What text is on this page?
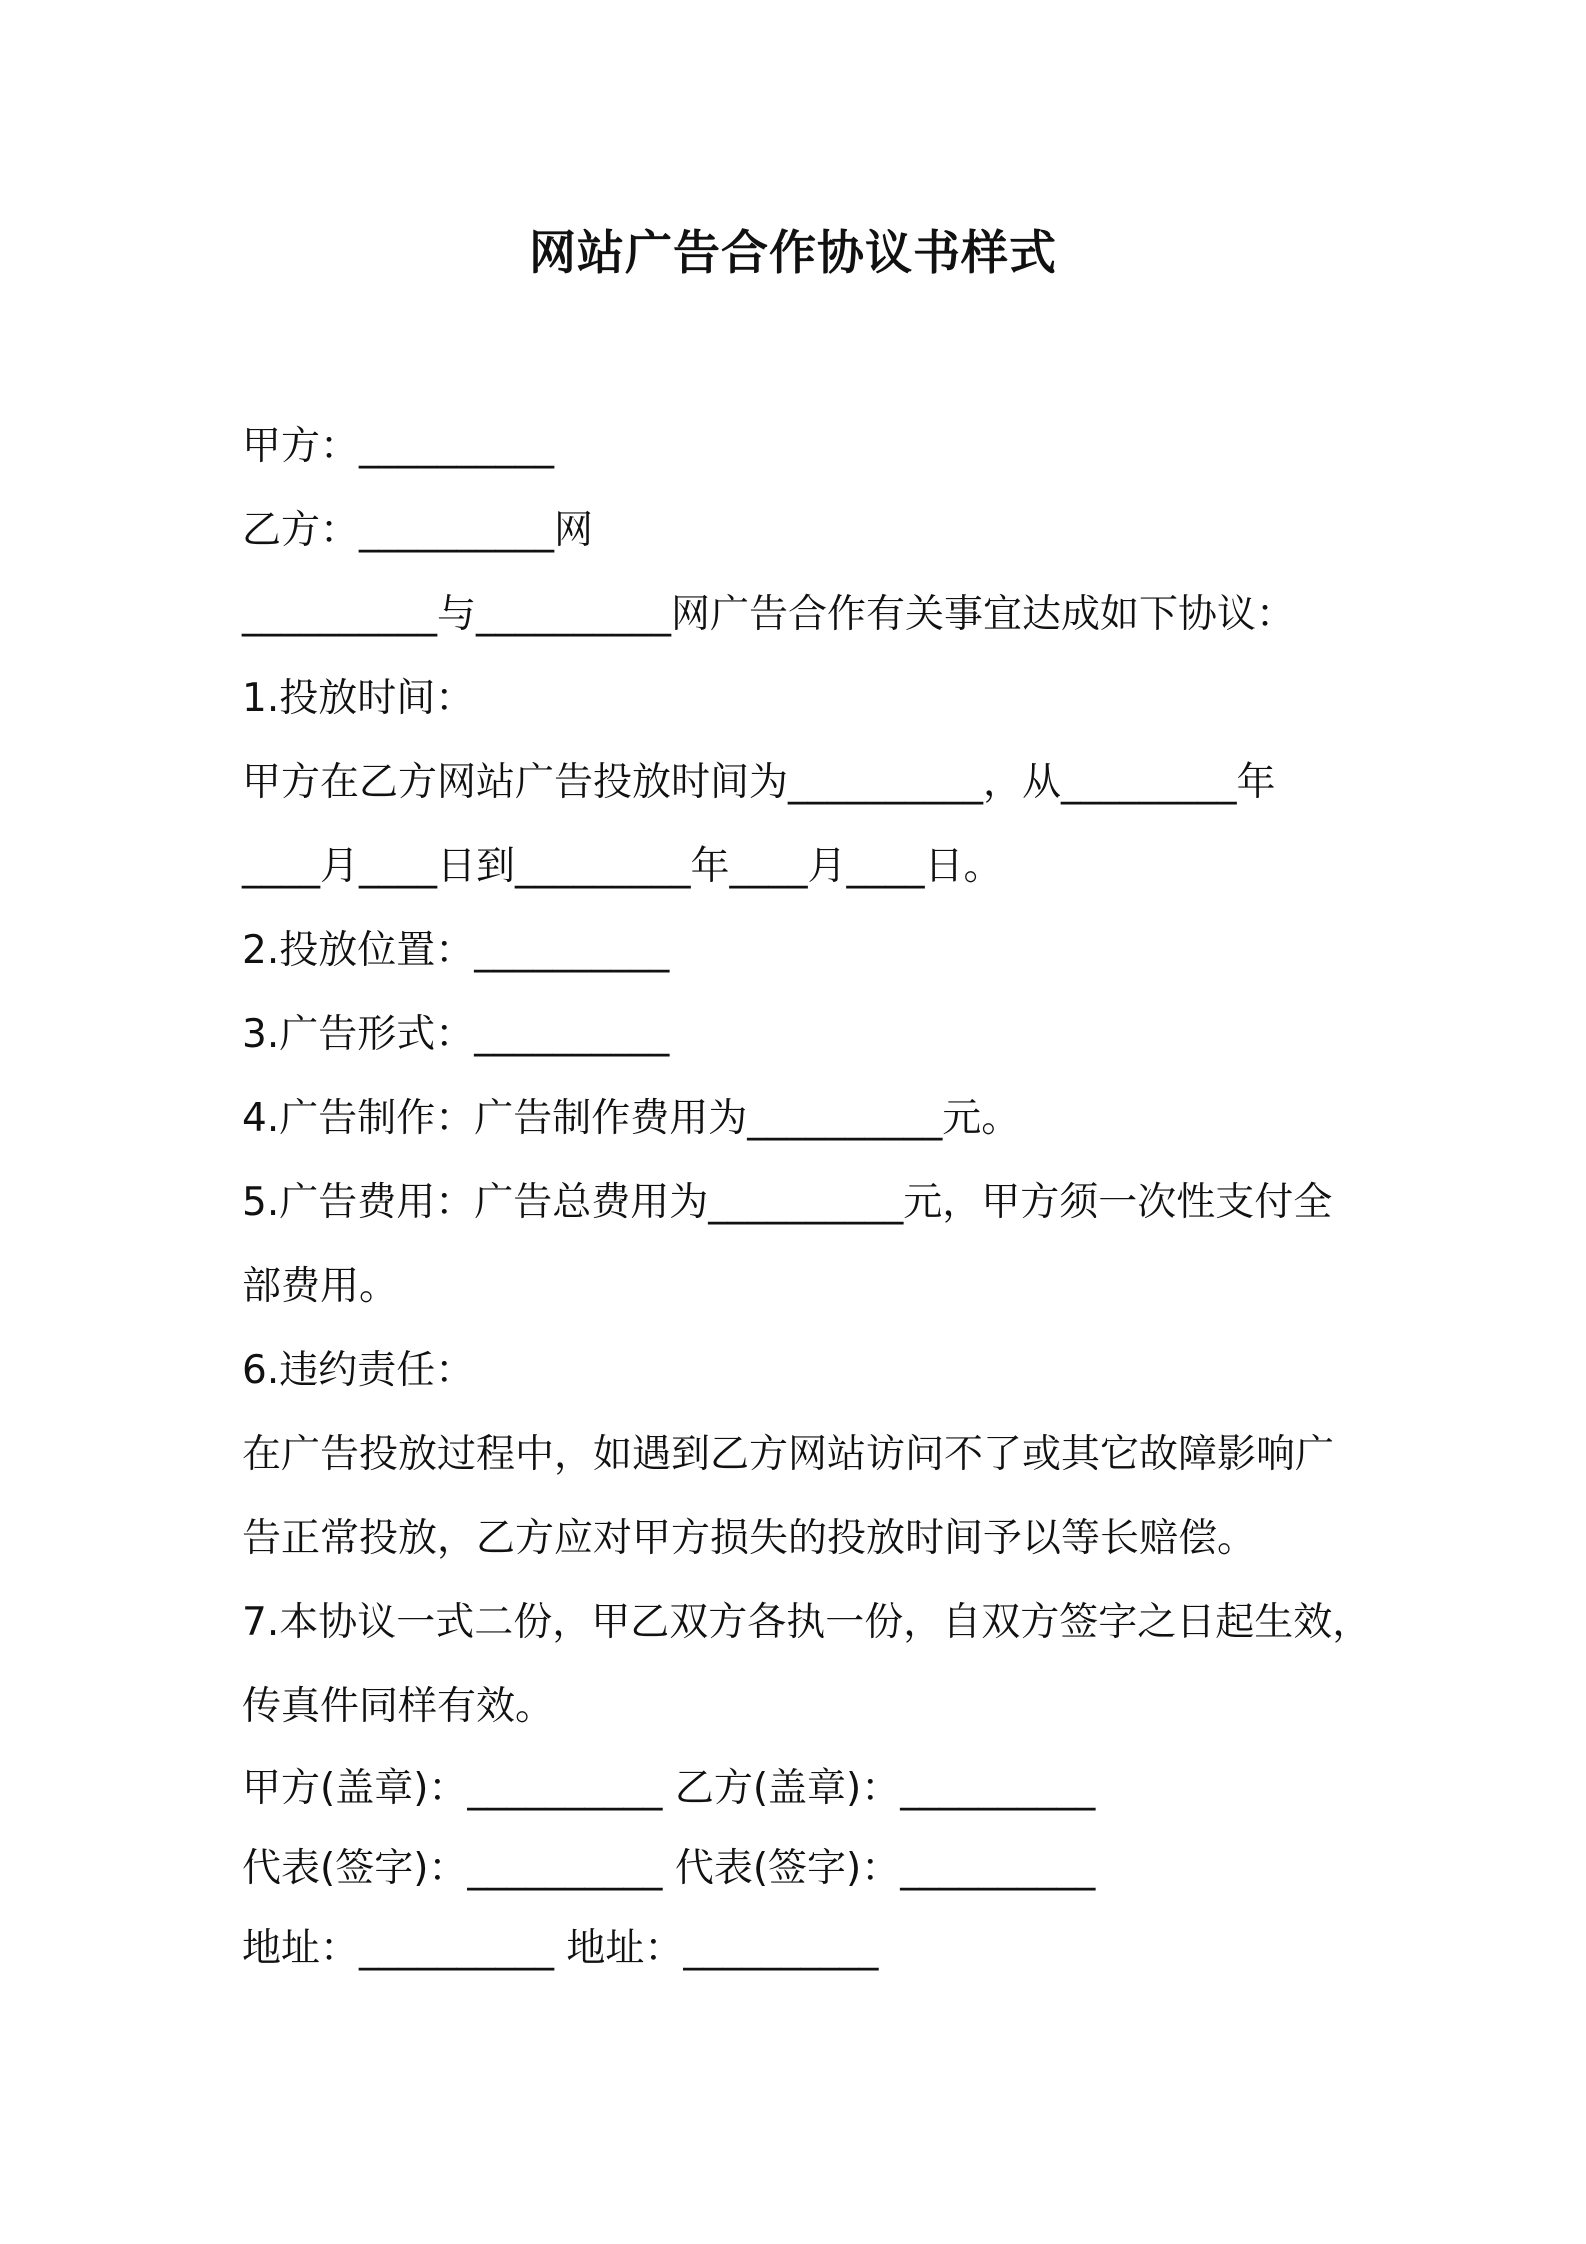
网站广告合作协议书样式

甲方：__________

乙方：__________网

__________与__________网广告合作有关事宜达成如下协议：

1.投放时间：

甲方在乙方网站广告投放时间为__________，从_________年

____月____日到_________年____月____日。

2.投放位置：__________

3.广告形式：__________

4.广告制作：广告制作费用为__________元。

5.广告费用：广告总费用为__________元，甲方须一次性支付全

部费用。

6.违约责任：

在广告投放过程中，如遇到乙方网站访问不了或其它故障影响广

告正常投放，乙方应对甲方损失的投放时间予以等长赔偿。

7.本协议一式二份，甲乙双方各执一份，自双方签字之日起生效，

传真件同样有效。

甲方(盖章)：__________ 乙方(盖章)：__________

代表(签字)：__________ 代表(签字)：__________

地址：__________ 地址：__________
